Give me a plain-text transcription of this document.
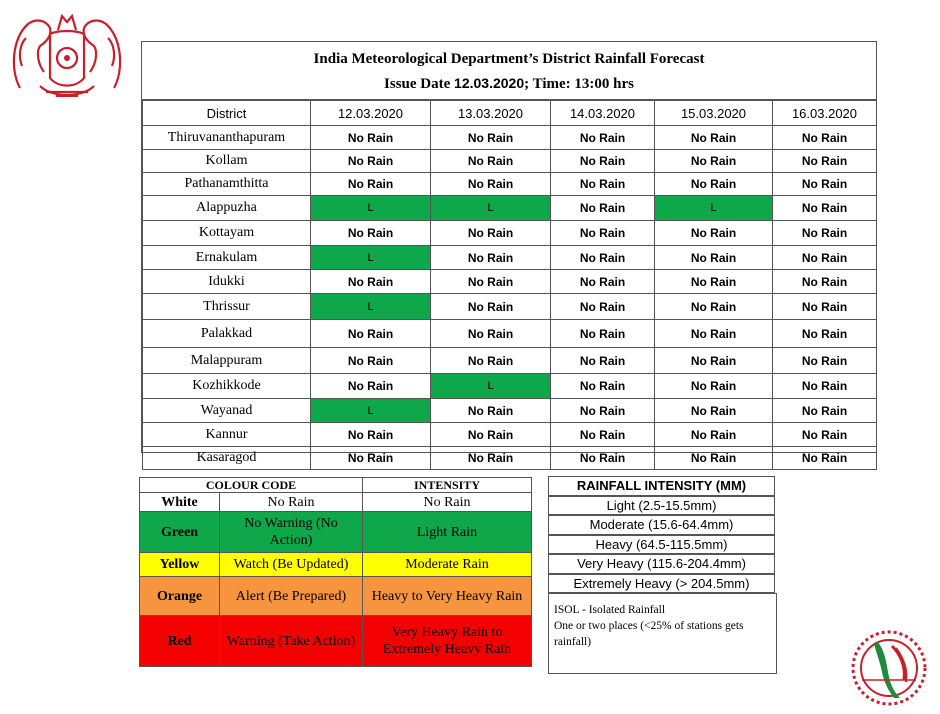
India Meteorological Department’s District Rainfall Forecast
Issue Date 12.03.2020; Time: 13:00 hrs
District	12.03.2020	13.03.2020	14.03.2020	15.03.2020	16.03.2020
Thiruvananthapuram	No Rain	No Rain	No Rain	No Rain	No Rain
Kollam	No Rain	No Rain	No Rain	No Rain	No Rain
Pathanamthitta	No Rain	No Rain	No Rain	No Rain	No Rain
Alappuzha	L	L	No Rain	L	No Rain
Kottayam	No Rain	No Rain	No Rain	No Rain	No Rain
Ernakulam	L	No Rain	No Rain	No Rain	No Rain
Idukki	No Rain	No Rain	No Rain	No Rain	No Rain
Thrissur	L	No Rain	No Rain	No Rain	No Rain
Palakkad	No Rain	No Rain	No Rain	No Rain	No Rain
Malappuram	No Rain	No Rain	No Rain	No Rain	No Rain
Kozhikkode	No Rain	L	No Rain	No Rain	No Rain
Wayanad	L	No Rain	No Rain	No Rain	No Rain
Kannur	No Rain	No Rain	No Rain	No Rain	No Rain
Kasaragod	No Rain	No Rain	No Rain	No Rain	No Rain
COLOUR CODE		INTENSITY
White	No Rain	No Rain
Green	No Warning (No Action)	Light Rain
Yellow	Watch (Be Updated)	Moderate Rain
Orange	Alert (Be Prepared)	Heavy to Very Heavy Rain
Red	Warning (Take Action)	Very Heavy Rain to Extremely Heavy Rain
RAINFALL INTENSITY (MM)
Light (2.5-15.5mm)
Moderate (15.6-64.4mm)
Heavy (64.5-115.5mm)
Very Heavy (115.6-204.4mm)
Extremely Heavy (> 204.5mm)
ISOL - Isolated Rainfall
One or two places (<25% of stations gets rainfall)
